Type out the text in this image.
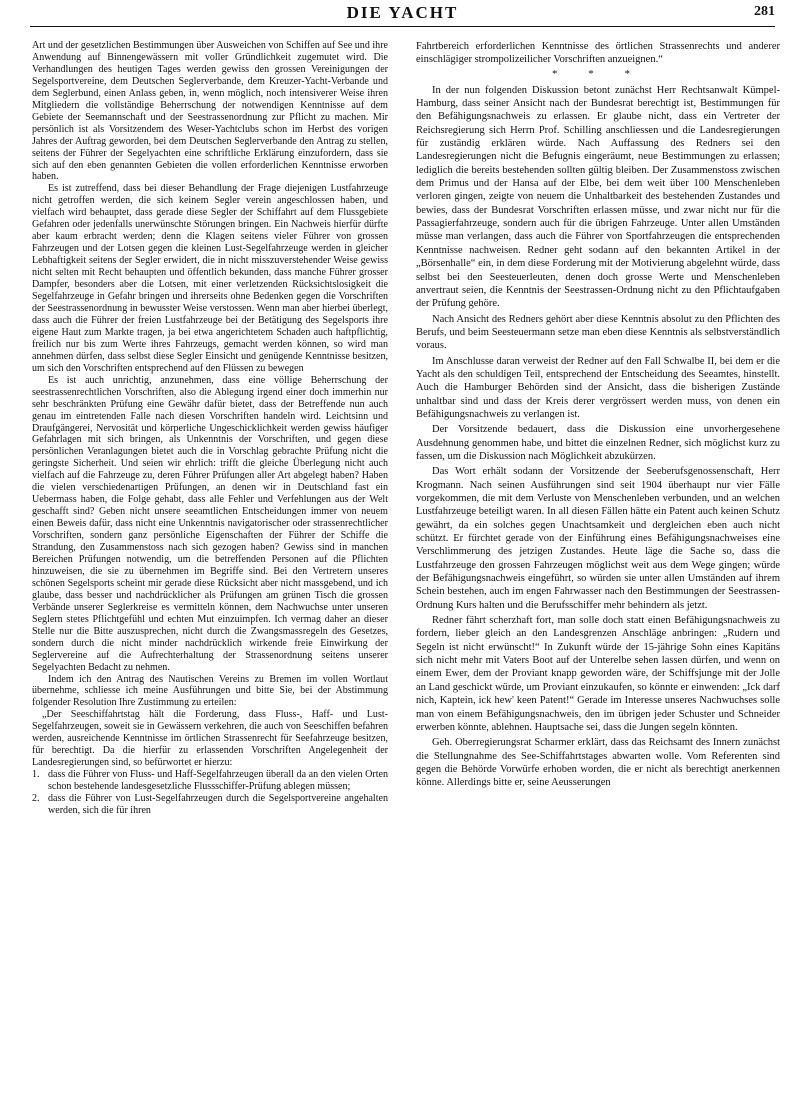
DIE YACHT	281

Art und der gesetzlichen Bestimmungen über Ausweichen von Schiffen auf See und ihre Anwendung auf Binnengewässern mit voller Gründlichkeit zugemutet wird. Die Verhandlungen des heutigen Tages werden gewiss den grossen Vereinigungen der Segelsportvereine, dem Deutschen Seglerverbande, dem Kreuzer-Yacht-Verbande und dem Seglerbund, einen Anlass geben, in, wenn möglich, noch intensiverer Weise ihren Mitgliedern die vollständige Beherrschung der notwendigen Kenntnisse auf dem Gebiete der Seemannschaft und der Seestrassenordnung zur Pflicht zu machen. Mir persönlich ist als Vorsitzendem des Weser-Yachtclubs schon im Herbst des vorigen Jahres der Auftrag geworden, bei dem Deutschen Seglerverbande den Antrag zu stellen, seitens der Führer der Segelyachten eine schriftliche Erklärung einzufordern, dass sie sich auf den eben genannten Gebieten die vollen erforderlichen Kenntnisse erworben haben.

Es ist zutreffend, dass bei dieser Behandlung der Frage diejenigen Lustfahrzeuge nicht getroffen werden, die sich keinem Segler verein angeschlossen haben, und vielfach wird behauptet, dass gerade diese Segler der Schiffahrt auf dem Flussgebiete Gefahren oder jedenfalls unerwünschte Störungen bringen. Ein Nachweis hierfür dürfte aber kaum erbracht werden; denn die Klagen seitens vieler Führer von grossen Fahrzeugen und der Lotsen gegen die kleinen Lust-Segelfahrzeuge werden in gleicher Lebhaftigkeit seitens der Segler erwidert, die in nicht misszuverstehender Weise gewiss nicht selten mit Recht behaupten und öffentlich bekunden, dass manche Führer grosser Dampfer, besonders aber die Lotsen, mit einer verletzenden Rücksichtslosigkeit die Segelfahrzeuge in Gefahr bringen und ihrerseits ohne Bedenken gegen die Vorschriften der Seestrassenordnung in bewusster Weise verstossen. Wenn man aber hierbei überlegt, dass auch die Führer der freien Lustfahrzeuge bei der Betätigung des Segelsports ihre eigene Haut zum Markte tragen, ja bei etwa angerichtetem Schaden auch haftpflichtig, freilich nur bis zum Werte ihres Fahrzeugs, gemacht werden können, so wird man annehmen dürfen, dass selbst diese Segler Einsicht und genügende Kenntnisse besitzen, um sich den Vorschriften entsprechend auf den Flüssen zu bewegen

Es ist auch unrichtig, anzunehmen, dass eine völlige Beherrschung der seestrassenrechtlichen Vorschriften, also die Ablegung irgend einer doch immerhin nur sehr beschränkten Prüfung eine Gewähr dafür bietet, dass der Betreffende nun auch genau im eintretenden Falle nach diesen Vorschriften handeln wird. Leichtsinn und Draufgängerei, Nervosität und körperliche Ungeschicklichkeit werden gewiss häufiger Gefahrlagen mit sich bringen, als Unkenntnis der Vorschriften, und gegen diese persönlichen Veranlagungen bietet auch die in Vorschlag gebrachte Prüfung nicht die geringste Sicherheit. Und seien wir ehrlich: trifft die gleiche Überlegung nicht auch vielfach auf die Fahrzeuge zu, deren Führer Prüfungen aller Art abgelegt haben? Haben die vielen verschiedenartigen Prüfungen, an denen wir in Deutschland fast ein Uebermass haben, die Folge gehabt, dass alle Fehler und Verfehlungen aus der Welt geschafft sind? Geben nicht unsere seeamtlichen Entscheidungen immer von neuem einen Beweis dafür, dass nicht eine Unkenntnis navigatorischer oder strassenrechtlicher Vorschriften, sondern ganz persönliche Eigenschaften der Führer der Schiffe die Strandung, den Zusammenstoss nach sich gezogen haben? Gewiss sind in manchen Bereichen Prüfungen notwendig, um die betreffenden Personen auf die Pflichten hinzuweisen, die sie zu übernehmen im Begriffe sind. Bei den Vertretern unseres schönen Segelsports scheint mir gerade diese Rücksicht aber nicht massgebend, und ich glaube, dass besser und nachdrücklicher als Prüfungen am grünen Tisch die grossen Verbände unserer Seglerkreise es vermitteln können, dem Nachwuchse unter unseren Seglern stetes Pflichtgefühl und echten Mut einzuimpfen. Ich vermag daher an dieser Stelle nur die Bitte auszusprechen, nicht durch die Zwangsmassregeln des Gesetzes, sondern durch die nicht minder nachdrücklich wirkende freie Einwirkung der Seglervereine auf die Aufrechterhaltung der Strassenordnung seitens unserer Segelyachten Bedacht zu nehmen.

Indem ich den Antrag des Nautischen Vereins zu Bremen im vollen Wortlaut übernehme, schliesse ich meine Ausführungen und bitte Sie, bei der Abstimmung folgender Resolution Ihre Zustimmung zu erteilen:

„Der Seeschiffahrtstag hält die Forderung, dass Fluss-, Haff- und Lust-Segelfahrzeugen, soweit sie in Gewässern verkehren, die auch von Seeschiffen befahren werden, ausreichende Kenntnisse im örtlichen Strassenrecht für Seefahrzeuge besitzen, für berechtigt. Da die hierfür zu erlassenden Vorschriften Angelegenheit der Landesregierungen sind, so befürwortet er hierzu:

1. dass die Führer von Fluss- und Haff-Segelfahrzeugen überall da an den vielen Orten schon bestehende landesgesetzliche Flussschiffer-Prüfung ablegen müssen;
2. dass die Führer von Lust-Segelfahrzeugen durch die Segelsportvereine angehalten werden, sich die für ihren

Fahrtbereich erforderlichen Kenntnisse des örtlichen Strassenrechts und anderer einschlägiger strompolizeilicher Vorschriften anzueignen.“

* * *

In der nun folgenden Diskussion betont zunächst Herr Rechtsanwalt Kümpel-Hamburg, dass seiner Ansicht nach der Bundesrat berechtigt ist, Bestimmungen für den Befähigungsnachweis zu erlassen. Er glaube nicht, dass ein Vertreter der Reichsregierung sich Herrn Prof. Schilling anschliessen und die Landesregierungen für zuständig erklären würde. Nach Auffassung des Redners sei den Landesregierungen nicht die Befugnis eingeräumt, neue Bestimmungen zu erlassen; lediglich die bereits bestehenden sollten gültig bleiben. Der Zusammenstoss zwischen dem Primus und der Hansa auf der Elbe, bei dem weit über 100 Menschenleben verloren gingen, zeigte von neuem die Unhaltbarkeit des bestehenden Zustandes und bewies, dass der Bundesrat Vorschriften erlassen müsse, und zwar nicht nur für die Passagierfahrzeuge, sondern auch für die übrigen Fahrzeuge. Unter allen Umständen müsse man verlangen, dass auch die Führer von Sportfahrzeugen die entsprechenden Kenntnisse nachweisen. Redner geht sodann auf den bekannten Artikel in der „Börsenhalle“ ein, in dem diese Forderung mit der Motivierung abgelehnt würde, dass selbst bei den Seesteuerleuten, denen doch grosse Werte und Menschenleben anvertraut seien, die Kenntnis der Seestrassen-Ordnung nicht zu den Pflichtaufgaben der Prüfung gehöre.

Nach Ansicht des Redners gehört aber diese Kenntnis absolut zu den Pflichten des Berufs, und beim Seesteuermann setze man eben diese Kenntnis als selbstverständlich voraus.

Im Anschlusse daran verweist der Redner auf den Fall Schwalbe II, bei dem er die Yacht als den schuldigen Teil, entsprechend der Entscheidung des Seeamtes, hinstellt. Auch die Hamburger Behörden sind der Ansicht, dass die bisherigen Zustände unhaltbar sind und dass der Kreis derer vergrössert werden muss, von denen ein Befähigungsnachweis zu verlangen ist.

Der Vorsitzende bedauert, dass die Diskussion eine unvorhergesehene Ausdehnung genommen habe, und bittet die einzelnen Redner, sich möglichst kurz zu fassen, um die Diskussion nach Möglichkeit abzukürzen.

Das Wort erhält sodann der Vorsitzende der Seeberufsgenossenschaft, Herr Krogmann. Nach seinen Ausführungen sind seit 1904 überhaupt nur vier Fälle vorgekommen, die mit dem Verluste von Menschenleben verbunden, und an welchen Lustfahrzeuge beteiligt waren. In all diesen Fällen hätte ein Patent auch keinen Schutz gewährt, da ein solches gegen Unachtsamkeit und dergleichen eben auch nicht schützt. Er fürchtet gerade von der Einführung eines Befähigungsnachweises eine Verschlimmerung des jetzigen Zustandes. Heute läge die Sache so, dass die Lustfahrzeuge den grossen Fahrzeugen möglichst weit aus dem Wege gingen; würde der Befähigungsnachweis eingeführt, so würden sie unter allen Umständen auf ihrem Schein bestehen, auch im engen Fahrwasser nach den Bestimmungen der Seestrassen-Ordnung Kurs halten und die Berufsschiffer mehr behindern als jetzt.

Redner fährt scherzhaft fort, man solle doch statt einen Befähigungsnachweis zu fordern, lieber gleich an den Landesgrenzen Anschläge anbringen: „Rudern und Segeln ist nicht erwünscht!“ In Zukunft würde der 15-jährige Sohn eines Kapitäns sich nicht mehr mit Vaters Boot auf der Unterelbe sehen lassen dürfen, und wenn on einem Ewer, dem der Proviant knapp geworden wäre, der Schiffsjunge mit der Jolle an Land geschickt würde, um Proviant einzukaufen, so könnte er einwenden: „Ick darf nich, Kaptein, ick hew' keen Patent!“ Gerade im Interesse unseres Nachwuchses solle man von einem Befähigungsnachweis, den im übrigen jeder Schuster und Schneider erwerben könnte, ablehnen. Hauptsache sei, dass die Jungen segeln könnten.

Geh. Oberregierungsrat Scharmer erklärt, dass das Reichsamt des Innern zunächst die Stellungnahme des See-Schiffahrtstages abwarten wolle. Vom Referenten sind gegen die Behörde Vorwürfe erhoben worden, die er nicht als berechtigt anerkennen könne. Allerdings bitte er, seine Aeusserungen
